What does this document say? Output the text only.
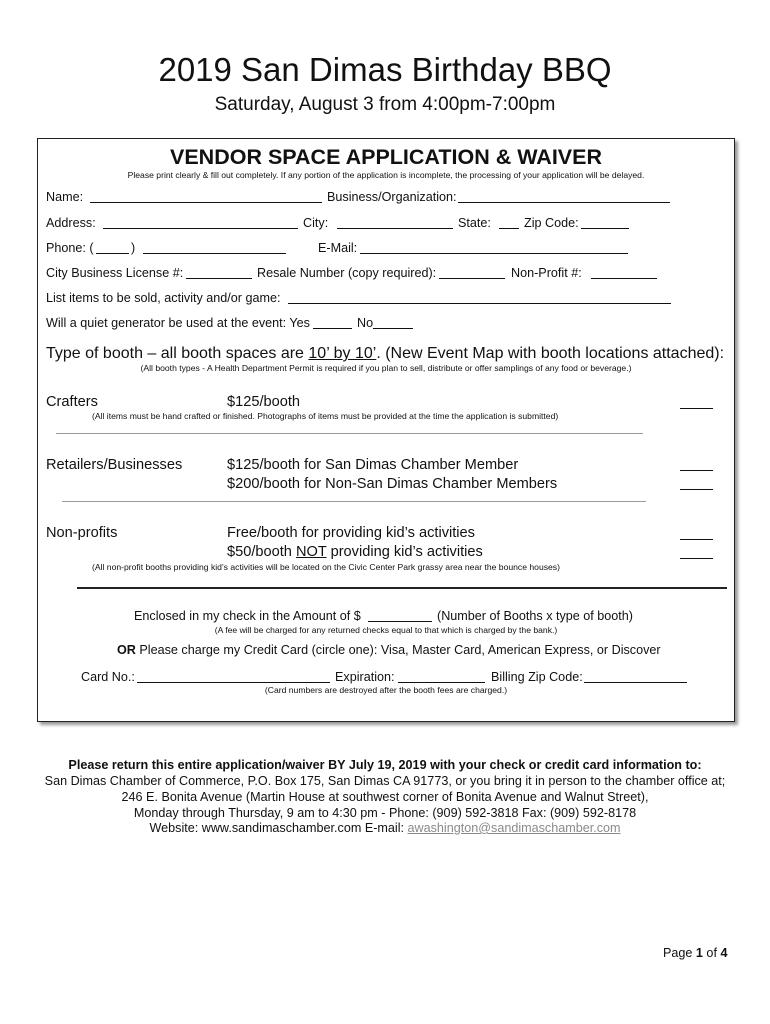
2019 San Dimas Birthday BBQ
Saturday, August 3 from 4:00pm-7:00pm
VENDOR SPACE APPLICATION & WAIVER
Please print clearly & fill out completely. If any portion of the application is incomplete, the processing of your application will be delayed.
Name:	Business/Organization:
Address:	City:	State:	Zip Code:
Phone: (	)	E-Mail:
City Business License #:	Resale Number (copy required):	Non-Profit #:
List items to be sold, activity and/or game:
Will a quiet generator be used at the event: Yes	No
Type of booth – all booth spaces are 10’ by 10’. (New Event Map with booth locations attached):
(All booth types - A Health Department Permit is required if you plan to sell, distribute or offer samplings of any food or beverage.)
Crafters	$125/booth
(All items must be hand crafted or finished. Photographs of items must be provided at the time the application is submitted)
Retailers/Businesses	$125/booth for San Dimas Chamber Member
$200/booth for Non-San Dimas Chamber Members
Non-profits	Free/booth for providing kid’s activities
$50/booth NOT providing kid’s activities
(All non-profit booths providing kid’s activities will be located on the Civic Center Park grassy area near the bounce houses)
Enclosed in my check in the Amount of $	(Number of Booths x type of booth)
(A fee will be charged for any returned checks equal to that which is charged by the bank.)
OR Please charge my Credit Card (circle one): Visa, Master Card, American Express, or Discover
Card No.:	Expiration:	Billing Zip Code:
(Card numbers are destroyed after the booth fees are charged.)
Please return this entire application/waiver BY July 19, 2019 with your check or credit card information to:
San Dimas Chamber of Commerce, P.O. Box 175, San Dimas CA 91773, or you bring it in person to the chamber office at;
246 E. Bonita Avenue (Martin House at southwest corner of Bonita Avenue and Walnut Street),
Monday through Thursday, 9 am to 4:30 pm - Phone: (909) 592-3818 Fax: (909) 592-8178
Website: www.sandimaschamber.com E-mail: awashington@sandimaschamber.com
Page 1 of 4
